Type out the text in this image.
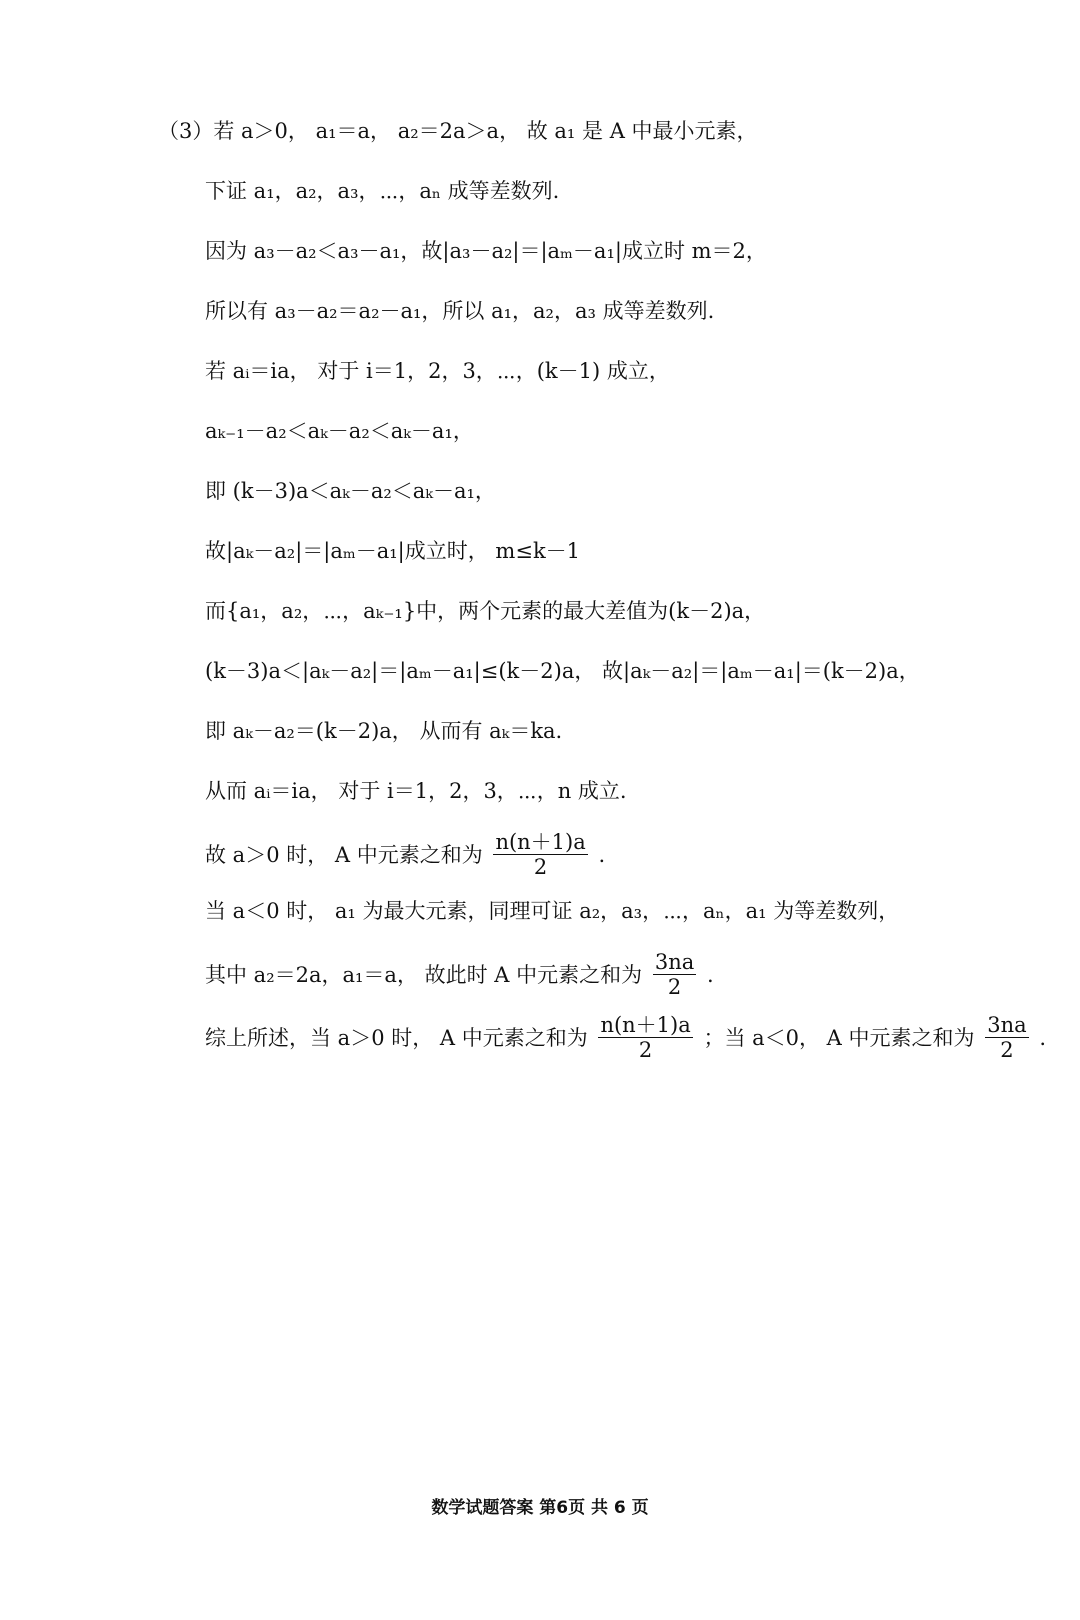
（3）若 a＞0， a₁＝a， a₂＝2a＞a， 故 a₁ 是 A 中最小元素，
下证 a₁，a₂，a₃，⋯，aₙ 成等差数列.
因为 a₃－a₂＜a₃－a₁，故|a₃－a₂|＝|aₘ－a₁|成立时 m＝2，
所以有 a₃－a₂＝a₂－a₁，所以 a₁，a₂，a₃ 成等差数列.
若 aᵢ＝ia， 对于 i＝1，2，3，⋯，(k－1) 成立，
aₖ₋₁－a₂＜aₖ－a₂＜aₖ－a₁，
即 (k－3)a＜aₖ－a₂＜aₖ－a₁，
故|aₖ－a₂|＝|aₘ－a₁|成立时， m≤k－1
而{a₁，a₂，⋯，aₖ₋₁}中，两个元素的最大差值为(k－2)a，
(k－3)a＜|aₖ－a₂|＝|aₘ－a₁|≤(k－2)a， 故|aₖ－a₂|＝|aₘ－a₁|＝(k－2)a，
即 aₖ－a₂＝(k－2)a， 从而有 aₖ＝ka.
从而 aᵢ＝ia， 对于 i＝1，2，3，⋯，n 成立.
故 a＞0 时， A 中元素之和为 $\frac{n(n+1)a}{2}$ .
当 a＜0 时， a₁ 为最大元素，同理可证 a₂，a₃，⋯，aₙ，a₁ 为等差数列，
其中 a₂＝2a，a₁＝a， 故此时 A 中元素之和为 $\frac{3na}{2}$ .
综上所述，当 a＞0 时， A 中元素之和为 $\frac{n(n+1)a}{2}$ ；当 a＜0， A 中元素之和为 $\frac{3na}{2}$ .
数学试题答案 第6页 共 6 页
